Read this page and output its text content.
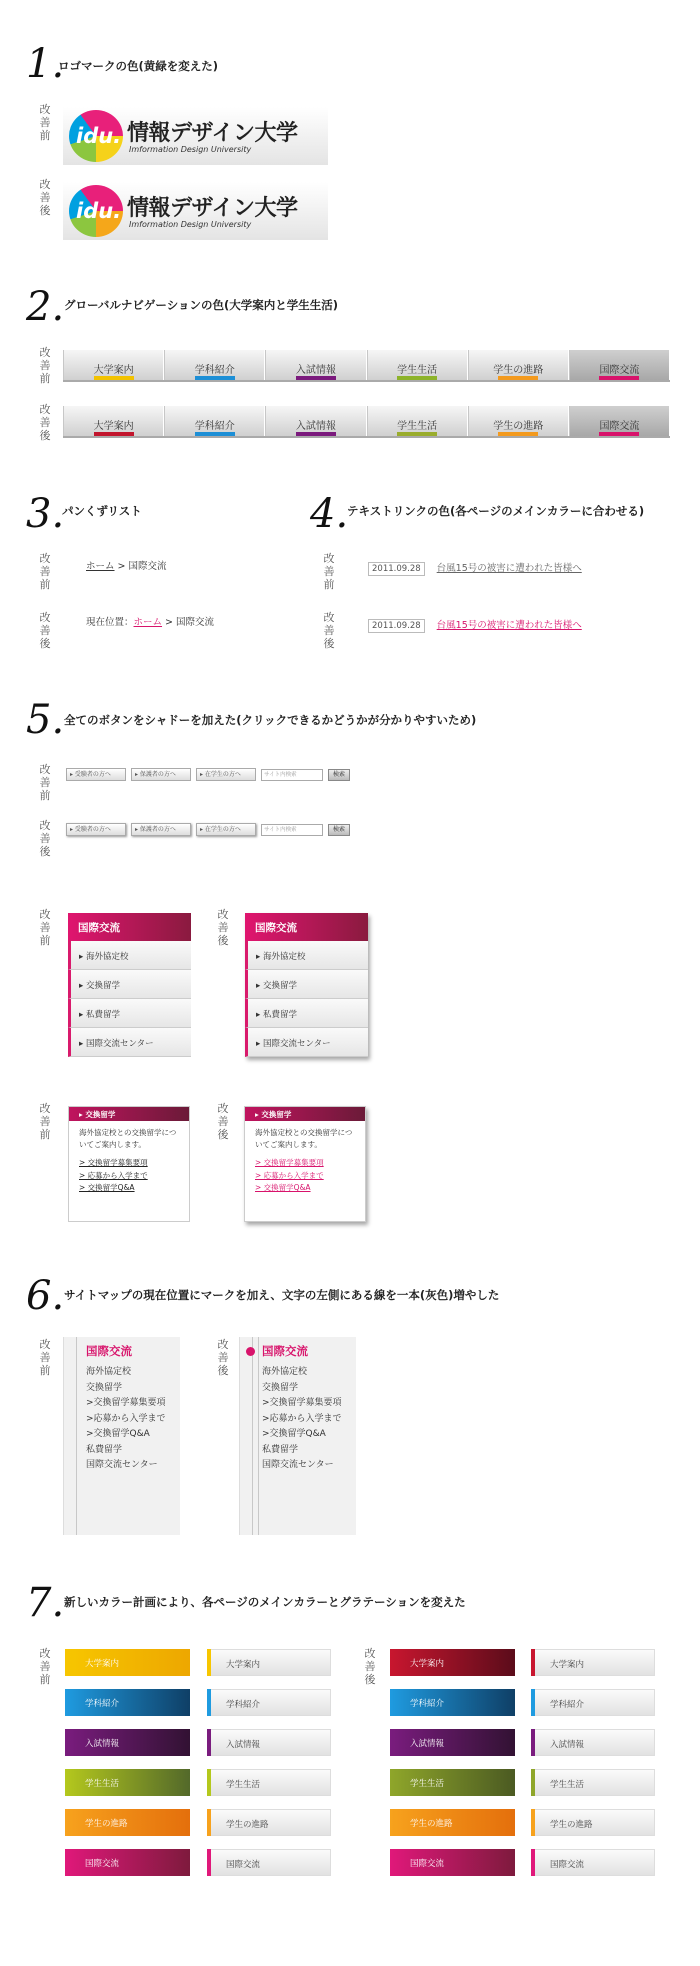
1.
ロゴマークの色(黄緑を変えた)
改善前 idu. 情報デザイン大学
Imformation Design University
改善後 idu. 情報デザイン大学
Imformation Design University
2. グローバルナビゲーションの色(大学案内と学生生活)
改善前
大学案内	学科紹介	入試情報	学生生活	学生の進路	国際交流
改善後
大学案内	学科紹介	入試情報	学生生活	学生の進路	国際交流
3.
パンくずリスト
改善前
ホーム > 国際交流
改善後
現在位置：ホーム > 国際交流
4.
テキストリンクの色(各ページのメインカラーに合わせる)
改善前
2011.09.28 台風15号の被害に遭われた皆様へ
改善後
2011.09.28 台風15号の被害に遭われた皆様へ
5. 全てのボタンをシャドーを加えた(クリックできるかどうかが分かりやすいため)
改善前
▸ 受験者の方へ	▸ 保護者の方へ	▸ 在学生の方へ	サイト内検索	検索
改善後
▸ 受験者の方へ	▸ 保護者の方へ	▸ 在学生の方へ	サイト内検索	検索
改善前
国際交流
▸ 海外協定校
▸ 交換留学
▸ 私費留学
▸ 国際交流センター
改善後
国際交流
▸ 海外協定校
▸ 交換留学
▸ 私費留学
▸ 国際交流センター
改善前
▸ 交換留学
海外協定校との交換留学につ
いてご案内します。
> 交換留学募集要項
> 応募から入学まで
> 交換留学Q&A
改善後
▸ 交換留学
海外協定校との交換留学につ
いてご案内します。
> 交換留学募集要項
> 応募から入学まで
> 交換留学Q&A
6. サイトマップの現在位置にマークを加え、文字の左側にある線を一本(灰色)増やした
改善前
国際交流
海外協定校
交換留学
>交換留学募集要項
>応募から入学まで
>交換留学Q&A
私費留学
国際交流センター
改善後
国際交流
海外協定校
交換留学
>交換留学募集要項
>応募から入学まで
>交換留学Q&A
私費留学
国際交流センター
7. 新しいカラー計画により、各ページのメインカラーとグラテーションを変えた
改善前
改善後
大学案内	大学案内
学科紹介	学科紹介
入試情報	入試情報
学生生活	学生生活
学生の進路	学生の進路
国際交流	国際交流
大学案内	大学案内
学科紹介	学科紹介
入試情報	入試情報
学生生活	学生生活
学生の進路	学生の進路
国際交流	国際交流
